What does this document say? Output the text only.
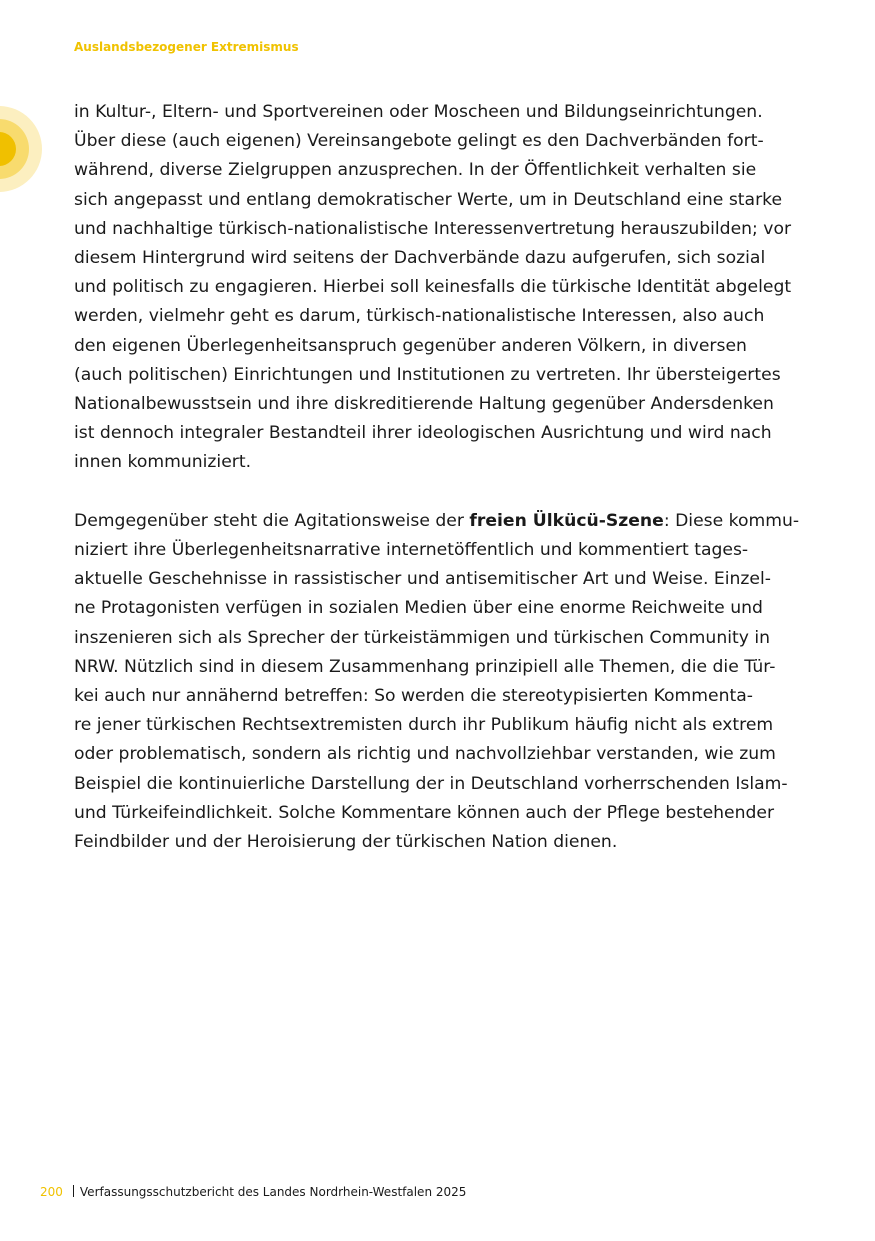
Auslandsbezogener Extremismus

in Kultur-, Eltern- und Sportvereinen oder Moscheen und Bildungseinrichtungen.
Über diese (auch eigenen) Vereinsangebote gelingt es den Dachverbänden fort-
während, diverse Zielgruppen anzusprechen. In der Öffentlichkeit verhalten sie
sich angepasst und entlang demokratischer Werte, um in Deutschland eine starke
und nachhaltige türkisch-nationalistische Interessenvertretung herauszubilden; vor
diesem Hintergrund wird seitens der Dachverbände dazu aufgerufen, sich sozial
und politisch zu engagieren. Hierbei soll keinesfalls die türkische Identität abgelegt
werden, vielmehr geht es darum, türkisch-nationalistische Interessen, also auch
den eigenen Überlegenheitsanspruch gegenüber anderen Völkern, in diversen
(auch politischen) Einrichtungen und Institutionen zu vertreten. Ihr übersteigertes
Nationalbewusstsein und ihre diskreditierende Haltung gegenüber Andersdenken
ist dennoch integraler Bestandteil ihrer ideologischen Ausrichtung und wird nach
innen kommuniziert.

Demgegenüber steht die Agitationsweise der freien Ülkücü-Szene: Diese kommu-
niziert ihre Überlegenheitsnarrative internetöffentlich und kommentiert tages-
aktuelle Geschehnisse in rassistischer und antisemitischer Art und Weise. Einzel-
ne Protagonisten verfügen in sozialen Medien über eine enorme Reichweite und
inszenieren sich als Sprecher der türkeistämmigen und türkischen Community in
NRW. Nützlich sind in diesem Zusammenhang prinzipiell alle Themen, die die Tür-
kei auch nur annähernd betreffen: So werden die stereotypisierten Kommenta-
re jener türkischen Rechtsextremisten durch ihr Publikum häufig nicht als extrem
oder problematisch, sondern als richtig und nachvollziehbar verstanden, wie zum
Beispiel die kontinuierliche Darstellung der in Deutschland vorherrschenden Islam-
und Türkeifeindlichkeit. Solche Kommentare können auch der Pflege bestehender
Feindbilder und der Heroisierung der türkischen Nation dienen.

200 Verfassungsschutzbericht des Landes Nordrhein-Westfalen 2025
